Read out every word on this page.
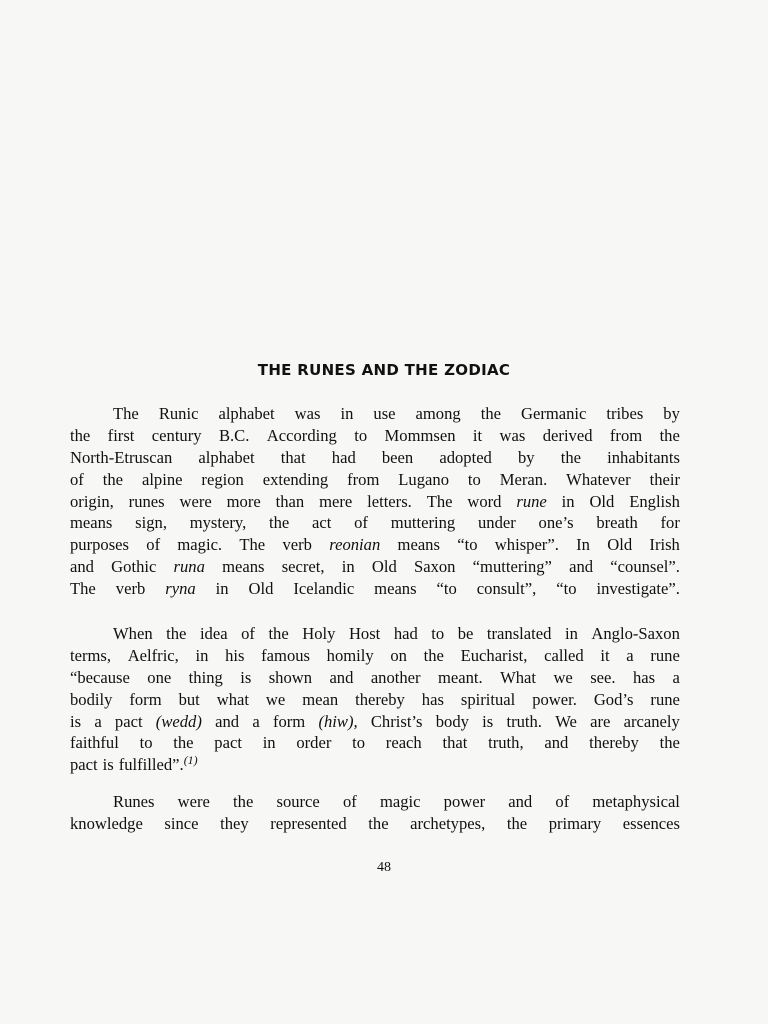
THE RUNES AND THE ZODIAC
The Runic alphabet was in use among the Germanic tribes by
the first century B.C. According to Mommsen it was derived from the
North-Etruscan alphabet that had been adopted by the inhabitants
of the alpine region extending from Lugano to Meran. Whatever their
origin, runes were more than mere letters. The word rune in Old English
means sign, mystery, the act of muttering under one’s breath for
purposes of magic. The verb reonian means “to whisper”. In Old Irish
and Gothic runa means secret, in Old Saxon “muttering” and “counsel”.
The verb ryna in Old Icelandic means “to consult”, “to investigate”.
When the idea of the Holy Host had to be translated in Anglo-Saxon
terms, Aelfric, in his famous homily on the Eucharist, called it a rune
“because one thing is shown and another meant. What we see. has a
bodily form but what we mean thereby has spiritual power. God’s rune
is a pact (wedd) and a form (hiw), Christ’s body is truth. We are arcanely
faithful to the pact in order to reach that truth, and thereby the
pact is fulfilled”.$^{(1)}$
Runes were the source of magic power and of metaphysical
knowledge since they represented the archetypes, the primary essences
48
